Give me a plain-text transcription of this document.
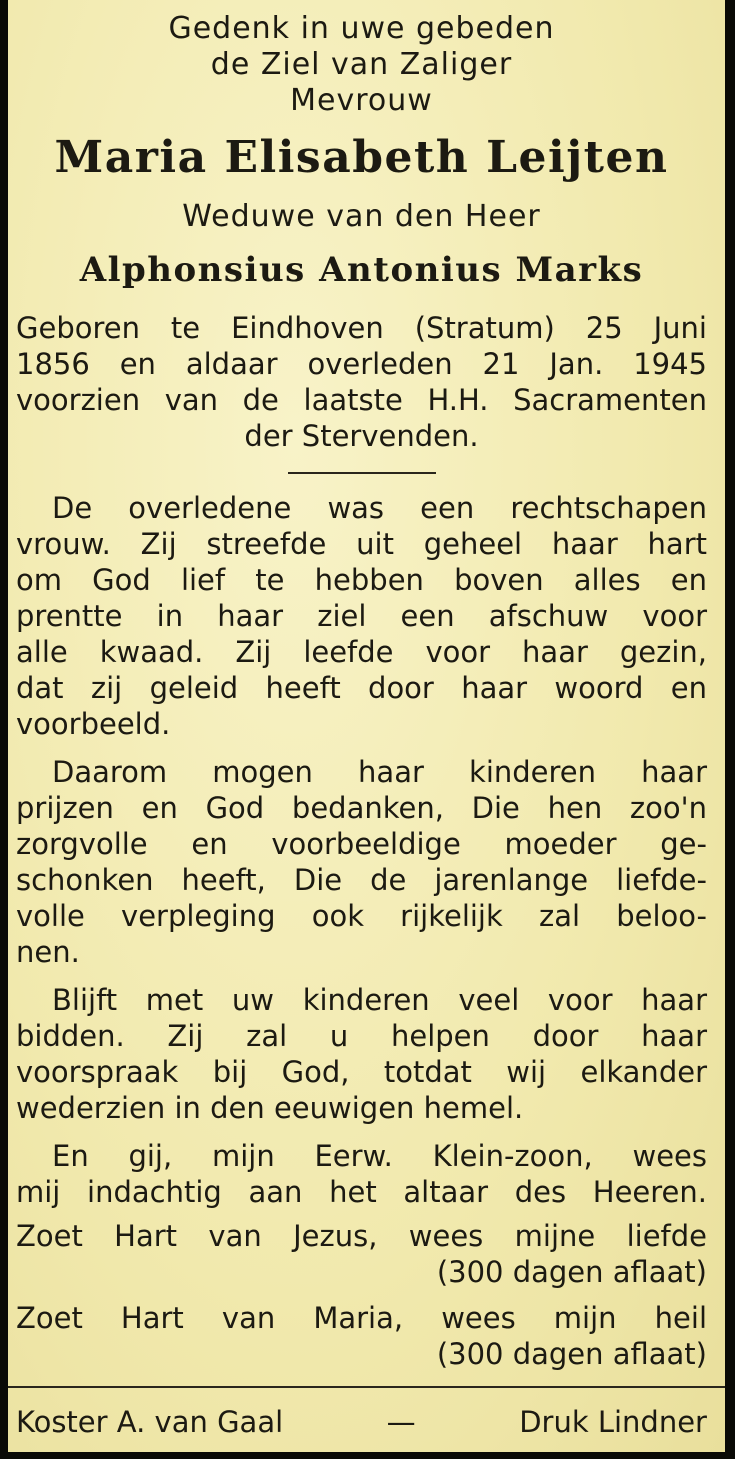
Gedenk in uwe gebeden
de Ziel van Zaliger
Mevrouw
Maria Elisabeth Leijten
Weduwe van den Heer
Alphonsius Antonius Marks
Geboren te Eindhoven (Stratum) 25 Juni
1856 en aldaar overleden 21 Jan. 1945
voorzien van de laatste H.H. Sacramenten
der Stervenden.
De overledene was een rechtschapen
vrouw. Zij streefde uit geheel haar hart
om God lief te hebben boven alles en
prentte in haar ziel een afschuw voor
alle kwaad. Zij leefde voor haar gezin,
dat zij geleid heeft door haar woord en
voorbeeld.
Daarom mogen haar kinderen haar
prijzen en God bedanken, Die hen zoo'n
zorgvolle en voorbeeldige moeder ge-
schonken heeft, Die de jarenlange liefde-
volle verpleging ook rijkelijk zal beloo-
nen.
Blijft met uw kinderen veel voor haar
bidden. Zij zal u helpen door haar
voorspraak bij God, totdat wij elkander
wederzien in den eeuwigen hemel.
En gij, mijn Eerw. Klein-zoon, wees
mij indachtig aan het altaar des Heeren.
Zoet Hart van Jezus, wees mijne liefde
(300 dagen aflaat)
Zoet Hart van Maria, wees mijn heil
(300 dagen aflaat)
Koster A. van Gaal	—	Druk Lindner
